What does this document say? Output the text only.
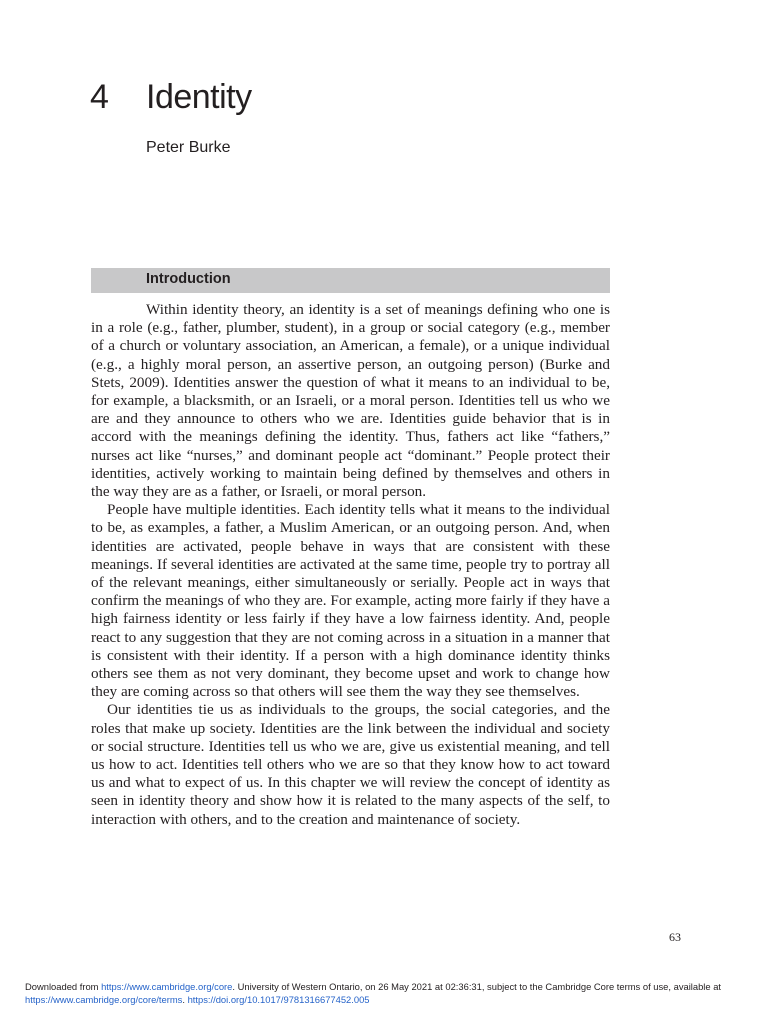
4 Identity
Peter Burke
Introduction

Within identity theory, an identity is a set of meanings defining who one is in a role (e.g., father, plumber, student), in a group or social category (e.g., member of a church or voluntary association, an American, a female), or a unique individual (e.g., a highly moral person, an assertive person, an outgoing person) (Burke and Stets, 2009). Identities answer the question of what it means to an individual to be, for example, a blacksmith, or an Israeli, or a moral person. Identities tell us who we are and they announce to others who we are. Identities guide behavior that is in accord with the meanings defining the identity. Thus, fathers act like “fathers,” nurses act like “nurses,” and dominant people act “dominant.” People protect their identities, actively working to maintain being defined by themselves and others in the way they are as a father, or Israeli, or moral person.

People have multiple identities. Each identity tells what it means to the individual to be, as examples, a father, a Muslim American, or an outgoing person. And, when identities are activated, people behave in ways that are consistent with these meanings. If several identities are activated at the same time, people try to portray all of the relevant meanings, either simultaneously or serially. People act in ways that confirm the meanings of who they are. For example, acting more fairly if they have a high fairness identity or less fairly if they have a low fairness identity. And, people react to any suggestion that they are not coming across in a situation in a manner that is consistent with their identity. If a person with a high dominance identity thinks others see them as not very dominant, they become upset and work to change how they are coming across so that others will see them the way they see themselves.

Our identities tie us as individuals to the groups, the social categories, and the roles that make up society. Identities are the link between the individual and society or social structure. Identities tell us who we are, give us existential meaning, and tell us how to act. Identities tell others who we are so that they know how to act toward us and what to expect of us. In this chapter we will review the concept of identity as seen in identity theory and show how it is related to the many aspects of the self, to interaction with others, and to the creation and maintenance of society.

63
Downloaded from https://www.cambridge.org/core. University of Western Ontario, on 26 May 2021 at 02:36:31, subject to the Cambridge Core terms of use, available at
https://www.cambridge.org/core/terms. https://doi.org/10.1017/9781316677452.005
